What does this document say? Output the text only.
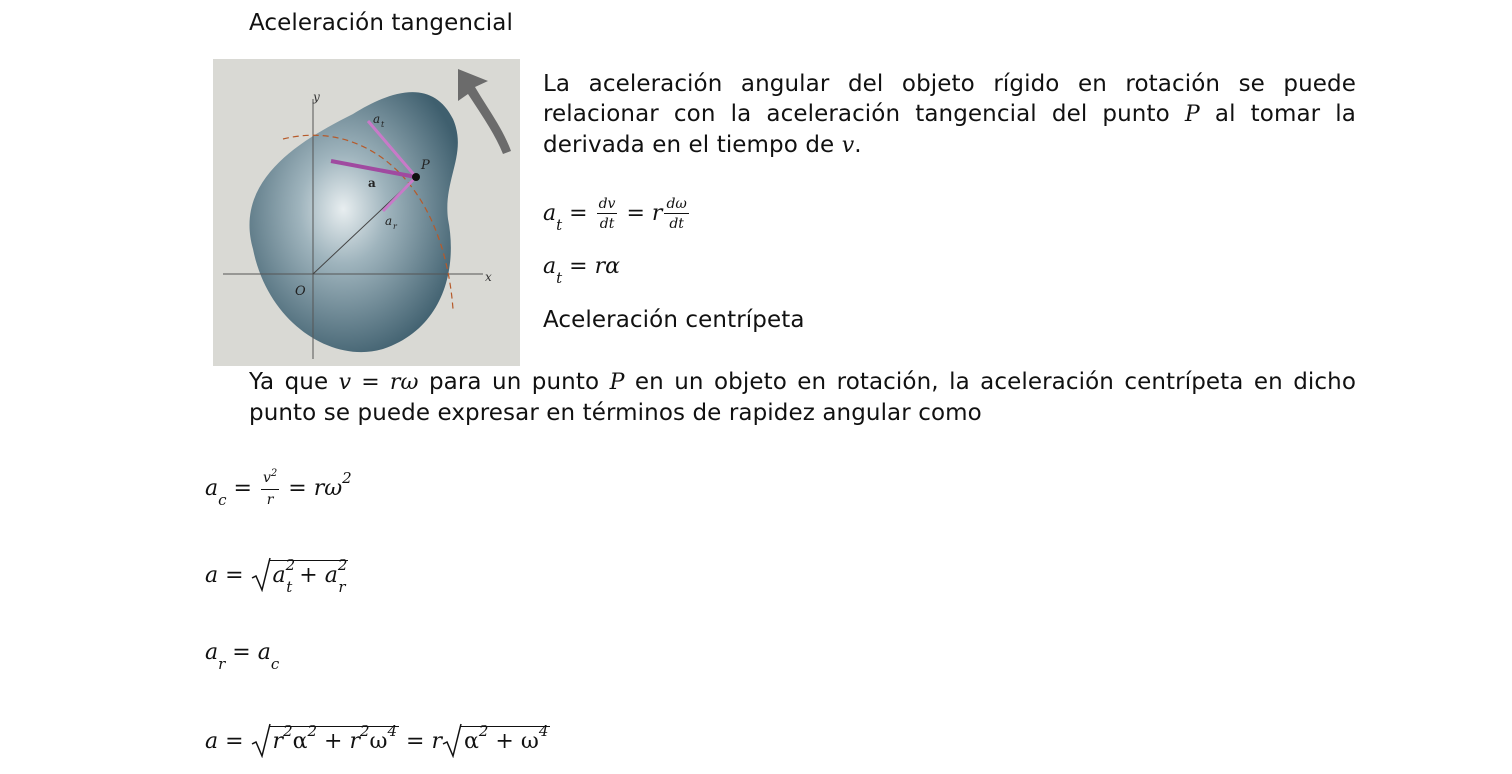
Aceleración tangencial
y
x
O
P
a t
a r
a
La aceleración angular del objeto rígido en rotación se puede relacionar con la aceleración tangencial del punto P al tomar la derivada en el tiempo de v.
$a_t = \frac{dv}{dt} = r \frac{d\omega}{dt}$
$a_t = r\alpha$
Aceleración centrípeta
Ya que v = rω para un punto P en un objeto en rotación, la aceleración centrípeta en dicho punto se puede expresar en términos de rapidez angular como
$a_c = \frac{v^2}{r} = r\omega^2$
$a = a^2_t + a^2_r$
$a_r = a_c$
$a = r^2\alpha^2 + r^2\omega^4 = r$ $\alpha^2 + \omega^4$
